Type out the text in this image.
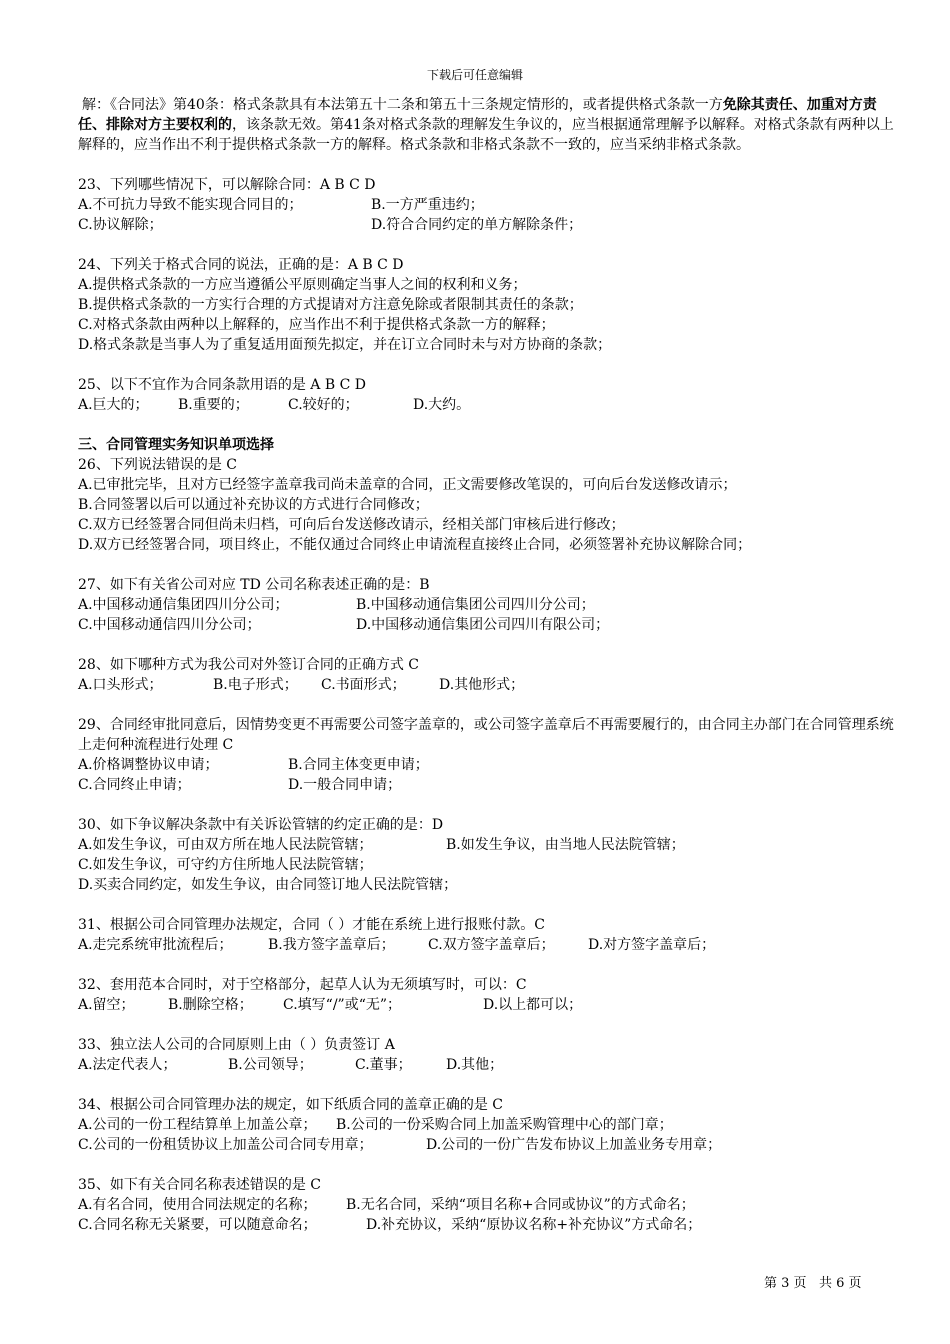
下载后可任意编辑

解：《合同法》第40条：格式条款具有本法第五十二条和第五十三条规定情形的，或者提供格式条款一方免除其责任、加重对方责任、排除对方主要权利的，该条款无效。第41条对格式条款的理解发生争议的，应当根据通常理解予以解释。对格式条款有两种以上解释的，应当作出不利于提供格式条款一方的解释。格式条款和非格式条款不一致的，应当采纳非格式条款。

23、下列哪些情况下，可以解除合同：A B C D

A.不可抗力导致不能实现合同目的；	B.一方严重违约；
C.协议解除；	D.符合合同约定的单方解除条件；

24、下列关于格式合同的说法，正确的是：A B C D

A.提供格式条款的一方应当遵循公平原则确定当事人之间的权利和义务；

B.提供格式条款的一方实行合理的方式提请对方注意免除或者限制其责任的条款；

C.对格式条款由两种以上解释的，应当作出不利于提供格式条款一方的解释；

D.格式条款是当事人为了重复适用面预先拟定，并在订立合同时未与对方协商的条款；

25、以下不宜作为合同条款用语的是 A B C D

A.巨大的；	B.重要的；	C.较好的；	D.大约。

三、合同管理实务知识单项选择

26、下列说法错误的是 C

A.已审批完毕，且对方已经签字盖章我司尚未盖章的合同，正文需要修改笔误的，可向后台发送修改请示；

B.合同签署以后可以通过补充协议的方式进行合同修改；

C.双方已经签署合同但尚未归档，可向后台发送修改请示，经相关部门审核后进行修改；

D.双方已经签署合同，项目终止，不能仅通过合同终止申请流程直接终止合同，必须签署补充协议解除合同；

27、如下有关省公司对应 TD 公司名称表述正确的是：B

A.中国移动通信集团四川分公司；	B.中国移动通信集团公司四川分公司；
C.中国移动通信四川分公司；	D.中国移动通信集团公司四川有限公司；

28、如下哪种方式为我公司对外签订合同的正确方式 C

A.口头形式；	B.电子形式；	C.书面形式；	D.其他形式；

29、合同经审批同意后，因情势变更不再需要公司签字盖章的，或公司签字盖章后不再需要履行的，由合同主办部门在合同管理系统上走何种流程进行处理 C

A.价格调整协议申请；	B.合同主体变更申请；
C.合同终止申请；	D.一般合同申请；

30、如下争议解决条款中有关诉讼管辖的约定正确的是：D

A.如发生争议，可由双方所在地人民法院管辖；	B.如发生争议，由当地人民法院管辖；

C.如发生争议，可守约方住所地人民法院管辖；

D.买卖合同约定，如发生争议，由合同签订地人民法院管辖；

31、根据公司合同管理办法规定，合同（ ）才能在系统上进行报账付款。C

A.走完系统审批流程后；	B.我方签字盖章后；	C.双方签字盖章后；	D.对方签字盖章后；

32、套用范本合同时，对于空格部分，起草人认为无须填写时，可以：C

A.留空；	B.删除空格；	C.填写“/”或“无”；	D.以上都可以；

33、独立法人公司的合同原则上由（ ）负责签订 A

A.法定代表人；	B.公司领导；	C.董事；	D.其他；

34、根据公司合同管理办法的规定，如下纸质合同的盖章正确的是 C

A.公司的一份工程结算单上加盖公章；	B.公司的一份采购合同上加盖采购管理中心的部门章；
C.公司的一份租赁协议上加盖公司合同专用章；	D.公司的一份广告发布协议上加盖业务专用章；

35、如下有关合同名称表述错误的是 C

A.有名合同，使用合同法规定的名称；	B.无名合同，采纳“项目名称+合同或协议”的方式命名；
C.合同名称无关紧要，可以随意命名；	D.补充协议，采纳“原协议名称+补充协议”方式命名；
第 3 页 共 6 页
